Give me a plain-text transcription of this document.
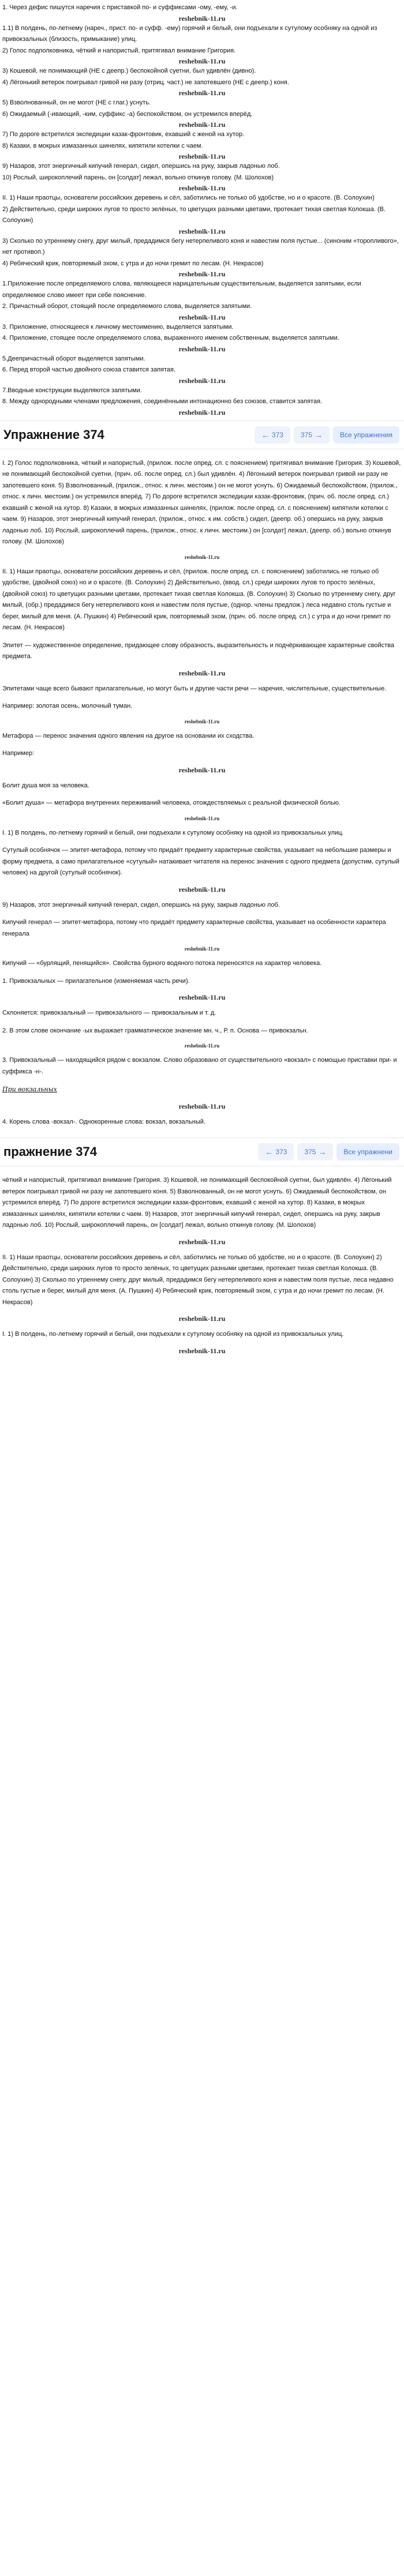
1. Через дефис пишутся наречия с приставкой по- и суффиксами -ому, -ему, -и.

reshebnik-11.ru

1.1) В полдень, по-летнему (нареч., прист. по- и суфф. -ему) горячий и белый, они подъехали к сутулому особняку на одной из привокзальных (близость, примыкание) улиц.

2) Голос подполковника, чёткий и напористый, притягивал внимание Григория.

reshebnik-11.ru

3) Кошевой, не понимающий (НЕ с деепр.) беспокойной суетни, был удивлён (дивно).

4) Лёгонький ветерок поигрывал гривой ни разу (отриц. част.) не запотевшего (НЕ с деепр.) коня.

reshebnik-11.ru

5) Взволнованный, он не могот (НЕ с глаг.) уснуть.

6) Ожидаемый (-ивающий, -ким, суффикс -а) беспокойством, он устремился вперёд.

reshebnik-11.ru

7) По дороге встретился экспедиции казак-фронтовик, ехавший с женой на хутор.

8) Казаки, в мокрых измазанных шинелях, кипятили котелки с чаем.

reshebnik-11.ru

9) Назаров, этот энергичный кипучий генерал, сидел, опершись на руку, закрыв ладонью лоб.

10) Рослый, широкоплечий парень, он [солдат] лежал, вольно откинув голову. (М. Шолохов)

reshebnik-11.ru

II. 1) Наши праотцы, основатели российских деревень и сёл, заботились не только об удобстве, но и о красоте. (В. Солоухин)

2) Действительно, среди широких лугов то просто зелёных, то цветущих разными цветами, протекает тихая светлая Колокша. (В. Солоухин)

reshebnik-11.ru

3) Сколько по утреннему снегу, друг милый, предадимся бегу нетерпеливого коня и навестим поля пустые... (синоним «торопливого», нет противоп.)

4) Ребяческий крик, повторяемый эхом, с утра и до ночи гремит по лесам. (Н. Некрасов)

reshebnik-11.ru

1.Приложение после определяемого слова, являющееся нарицательным существительным, выделяется запятыми, если определяемое слово имеет при себе пояснение.

2. Причастный оборот, стоящий после определяемого слова, выделяется запятыми.

reshebnik-11.ru

3. Приложение, относящееся к личному местоимению, выделяется запятыми.

4. Приложение, стоящее после определяемого слова, выраженного именем собственным, выделяется запятыми.

reshebnik-11.ru

5.Деепричастный оборот выделяется запятыми.

6. Перед второй частью двойного союза ставится запятая.

reshebnik-11.ru

7.Вводные конструкции выделяются запятыми.

8. Между однородными членами предложения, соединёнными интонационно без союзов, ставится запятая.

reshebnik-11.ru
Упражнение 374	← 373	375 →	Все упражнения

I. 2) Голос подполковника, чёткий и напористый, (прилож. после опред. сл. с пояснением) притягивал внимание Григория. 3) Кошевой, не понимающий беспокойной суетни, (прич. об. после опред. сл.) был удивлён. 4) Лёгонький ветерок поигрывал гривой ни разу не запотевшего коня. 5) Взволнованный, (прилож., относ. к личн. местоим.) он не могот уснуть. 6) Ожидаемый беспокойством, (прилож., относ. к личн. местоим.) он устремился вперёд. 7) По дороге встретился экспедиции казак-фронтовик, (прич. об. после опред. сл.) ехавший с женой на хутор. 8) Казаки, в мокрых измазанных шинелях, (прилож. после опред. сл. с пояснением) кипятили котелки с чаем. 9) Назаров, этот энергичный кипучий генерал, (прилож., относ. к им. собств.) сидел, (деепр. об.) опершись на руку, закрыв ладонью лоб. 10) Рослый, широкоплечий парень, (прилож., относ. к личн. местоим.) он [солдат] лежал, (деепр. об.) вольно откинув голову. (М. Шолохов)

reshebnik-11.ru

II. 1) Наши праотцы, основатели российских деревень и сёл, (прилож. после опред. сл. с пояснением) заботились не только об удобстве, (двойной союз) но и о красоте. (В. Солоухин) 2) Действительно, (ввод. сл.) среди широких лугов то просто зелёных, (двойной союз) то цветущих разными цветами, протекает тихая светлая Колокша. (В. Солоухин) 3) Сколько по утреннему снегу, друг милый, (обр.) предадимся бегу нетерпеливого коня и навестим поля пустые, (однор. члены предлож.) леса недавно столь густые и берег, милый для меня. (А. Пушкин) 4) Ребяческий крик, повторяемый эхом, (прич. об. после опред. сл.) с утра и до ночи гремит по лесам. (Н. Некрасов)

Эпитет — художественное определение, придающее слову образность, выразительность и подчёркивающее характерные свойства предмета.

reshebnik-11.ru

Эпитетами чаще всего бывают прилагательные, но могут быть и другие части речи — наречия, числительные, существительные.

Например: золотая осень, молочный туман.

reshebnik-11.ru

Метафора — перенос значения одного явления на другое на основании их сходства.

Например:

reshebnik-11.ru

Болит душа моя за человека.

«Болит душа» — метафора внутренних переживаний человека, отождествляемых с реальной физической болью.

reshebnik-11.ru

I. 1) В полдень, по-летнему горячий и белый, они подъехали к сутулому особняку на одной из привокзальных улиц.

Сутулый особнячок — эпитет-метафора, потому что придаёт предмету характерные свойства, указывает на небольшие размеры и форму предмета, а само прилагательное «сутулый» натакивает читателя на перенос значения с одного предмета (допустим, сутулый человек) на другой (сутулый особнячок).

reshebnik-11.ru

9) Назаров, этот энергичный кипучий генерал, сидел, опершись на руку, закрыв ладонью лоб.

Кипучий генерал — эпитет-метафора, потому что придаёт предмету характерные свойства, указывает на особенности характера генерала

reshebnik-11.ru

Кипучий — «бурлящий, пенящийся». Свойства бурного водяного потока переносятся на характер человека.

1. Привокзальных — прилагательное (изменяемая часть речи).

reshebnik-11.ru

Склоняется: привокзальный — привокзального — привокзальным и т. д.

2. В этом слове окончание -ых выражает грамматическое значение мн. ч., Р. п. Основа — привокзальн.

reshebnik-11.ru

3. Привокзальный — находящийся рядом с вокзалом. Слово образовано от существительного «вокзал» с помощью приставки при- и суффикса -н-.

При вокзальных

reshebnik-11.ru

4. Корень слова -вокзал-. Однокоренные слова: вокзал, вокзальный.

пражнение 374	← 373	375 →	Все упражнени

чёткий и напористый, притягивал внимание Григория. 3) Кошевой, не понимающий беспокойной суетни, был удивлён. 4) Лёгонький ветерок поигрывал гривой ни разу не запотевшего коня. 5) Взволнованный, он не могот уснуть. 6) Ожидаемый беспокойством, он устремился вперёд. 7) По дороге встретился экспедиции казак-фронтовик, ехавший с женой на хутор. 8) Казаки, в мокрых измазанных шинелях, кипятили котелки с чаем. 9) Назаров, этот энергичный кипучий генерал, сидел, опершись на руку, закрыв ладонью лоб. 10) Рослый, широкоплечий парень, он [солдат] лежал, вольно откинув голову. (М. Шолохов)

reshebnik-11.ru

II. 1) Наши праотцы, основатели российских деревень и сёл, заботились не только об удобстве, но и о красоте. (В. Солоухин) 2) Действительно, среди широких лугов то просто зелёных, то цветущих разными цветами, протекает тихая светлая Колокша. (В. Солоухин) 3) Сколько по утреннему снегу, друг милый, предадимся бегу нетерпеливого коня и навестим поля пустые, леса недавно столь густые и берег, милый для меня. (А. Пушкин) 4) Ребяческий крик, повторяемый эхом, с утра и до ночи гремит по лесам. (Н. Некрасов)

reshebnik-11.ru

I. 1) В полдень, по-летнему горячий и белый, они подъехали к сутулому особняку на одной из привокзальных улиц.

reshebnik-11.ru
